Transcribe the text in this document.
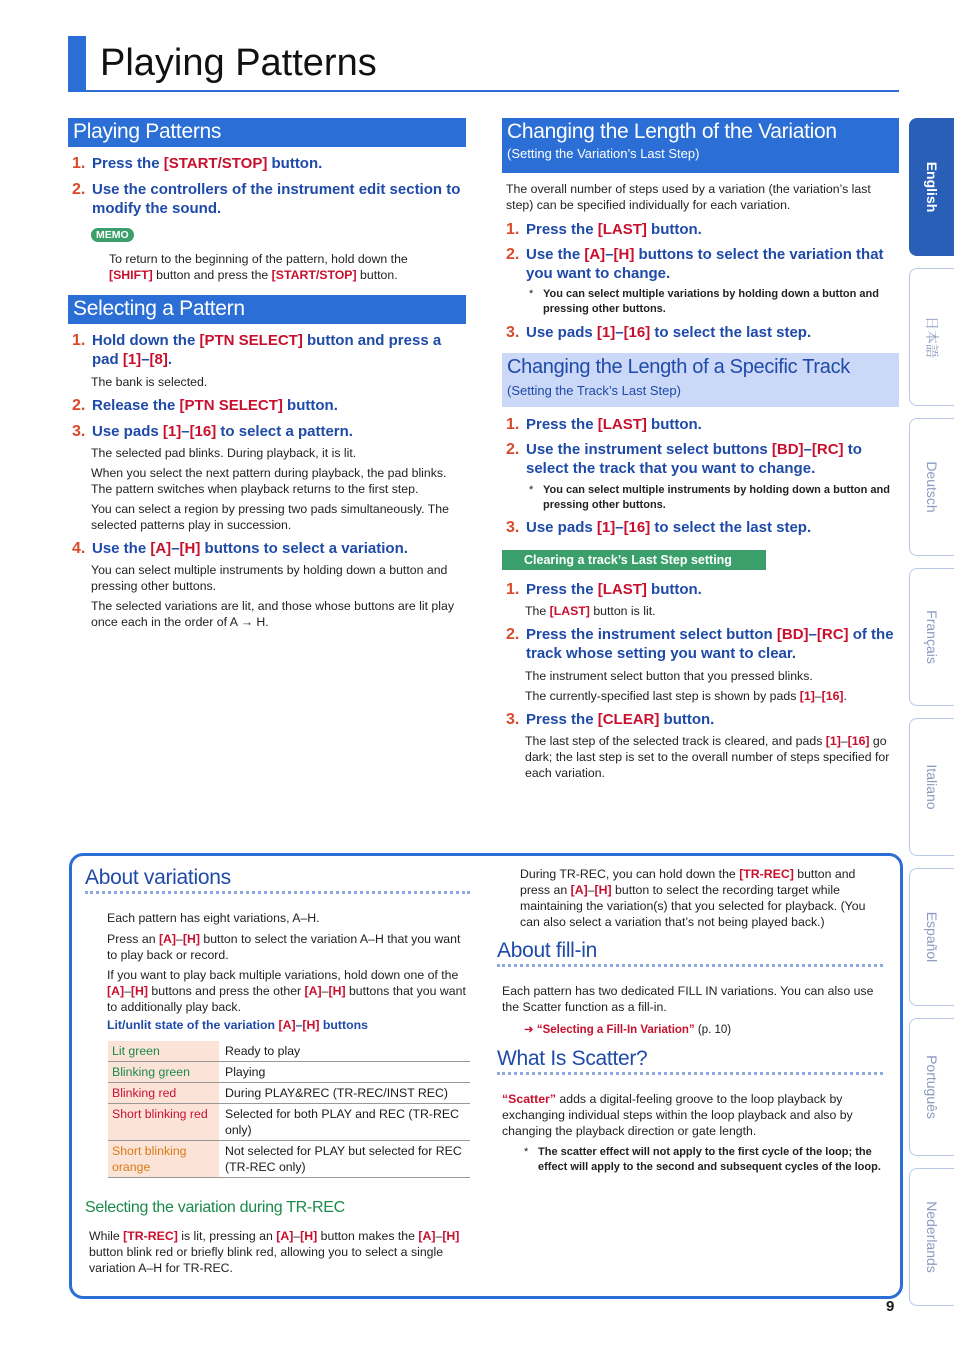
Playing Patterns
Playing Patterns
1. Press the [START/STOP] button.
2. Use the controllers of the instrument edit section to modify the sound.
MEMO
To return to the beginning of the pattern, hold down the [SHIFT] button and press the [START/STOP] button.
Selecting a Pattern
1. Hold down the [PTN SELECT] button and press a pad [1]–[8].
The bank is selected.
2. Release the [PTN SELECT] button.
3. Use pads [1]–[16] to select a pattern.
The selected pad blinks. During playback, it is lit.
When you select the next pattern during playback, the pad blinks. The pattern switches when playback returns to the first step.
You can select a region by pressing two pads simultaneously. The selected patterns play in succession.
4. Use the [A]–[H] buttons to select a variation.
You can select multiple instruments by holding down a button and pressing other buttons.
The selected variations are lit, and those whose buttons are lit play once each in the order of A → H.
Changing the Length of the Variation
(Setting the Variation’s Last Step)
The overall number of steps used by a variation (the variation’s last step) can be specified individually for each variation.
1. Press the [LAST] button.
2. Use the [A]–[H] buttons to select the variation that you want to change.
* You can select multiple variations by holding down a button and pressing other buttons.
3. Use pads [1]–[16] to select the last step.
Changing the Length of a Specific Track
(Setting the Track’s Last Step)
1. Press the [LAST] button.
2. Use the instrument select buttons [BD]–[RC] to select the track that you want to change.
* You can select multiple instruments by holding down a button and pressing other buttons.
3. Use pads [1]–[16] to select the last step.
Clearing a track’s Last Step setting
1. Press the [LAST] button.
The [LAST] button is lit.
2. Press the instrument select button [BD]–[RC] of the track whose setting you want to clear.
The instrument select button that you pressed blinks.
The currently-specified last step is shown by pads [1]–[16].
3. Press the [CLEAR] button.
The last step of the selected track is cleared, and pads [1]–[16] go dark; the last step is set to the overall number of steps specified for each variation.
About variations
Each pattern has eight variations, A–H.
Press an [A]–[H] button to select the variation A–H that you want to play back or record.
If you want to play back multiple variations, hold down one of the [A]–[H] buttons and press the other [A]–[H] buttons that you want to additionally play back.
Lit/unlit state of the variation [A]–[H] buttons
Lit green	Ready to play
Blinking green	Playing
Blinking red	During PLAY&REC (TR-REC/INST REC)
Short blinking red	Selected for both PLAY and REC (TR-REC only)
Short blinking orange	Not selected for PLAY but selected for REC (TR-REC only)
Selecting the variation during TR-REC
While [TR-REC] is lit, pressing an [A]–[H] button makes the [A]–[H] button blink red or briefly blink red, allowing you to select a single variation A–H for TR-REC.
During TR-REC, you can hold down the [TR-REC] button and press an [A]–[H] button to select the recording target while maintaining the variation(s) that you selected for playback. (You can also select a variation that’s not being played back.)
About fill-in
Each pattern has two dedicated FILL IN variations. You can also use the Scatter function as a fill-in.
➜ “Selecting a Fill-In Variation” (p. 10)
What Is Scatter?
“Scatter” adds a digital-feeling groove to the loop playback by exchanging individual steps within the loop playback and also by changing the playback direction or gate length.
* The scatter effect will not apply to the first cycle of the loop; the effect will apply to the second and subsequent cycles of the loop.
9
English
日本語
Deutsch
Français
Italiano
Español
Português
Nederlands
